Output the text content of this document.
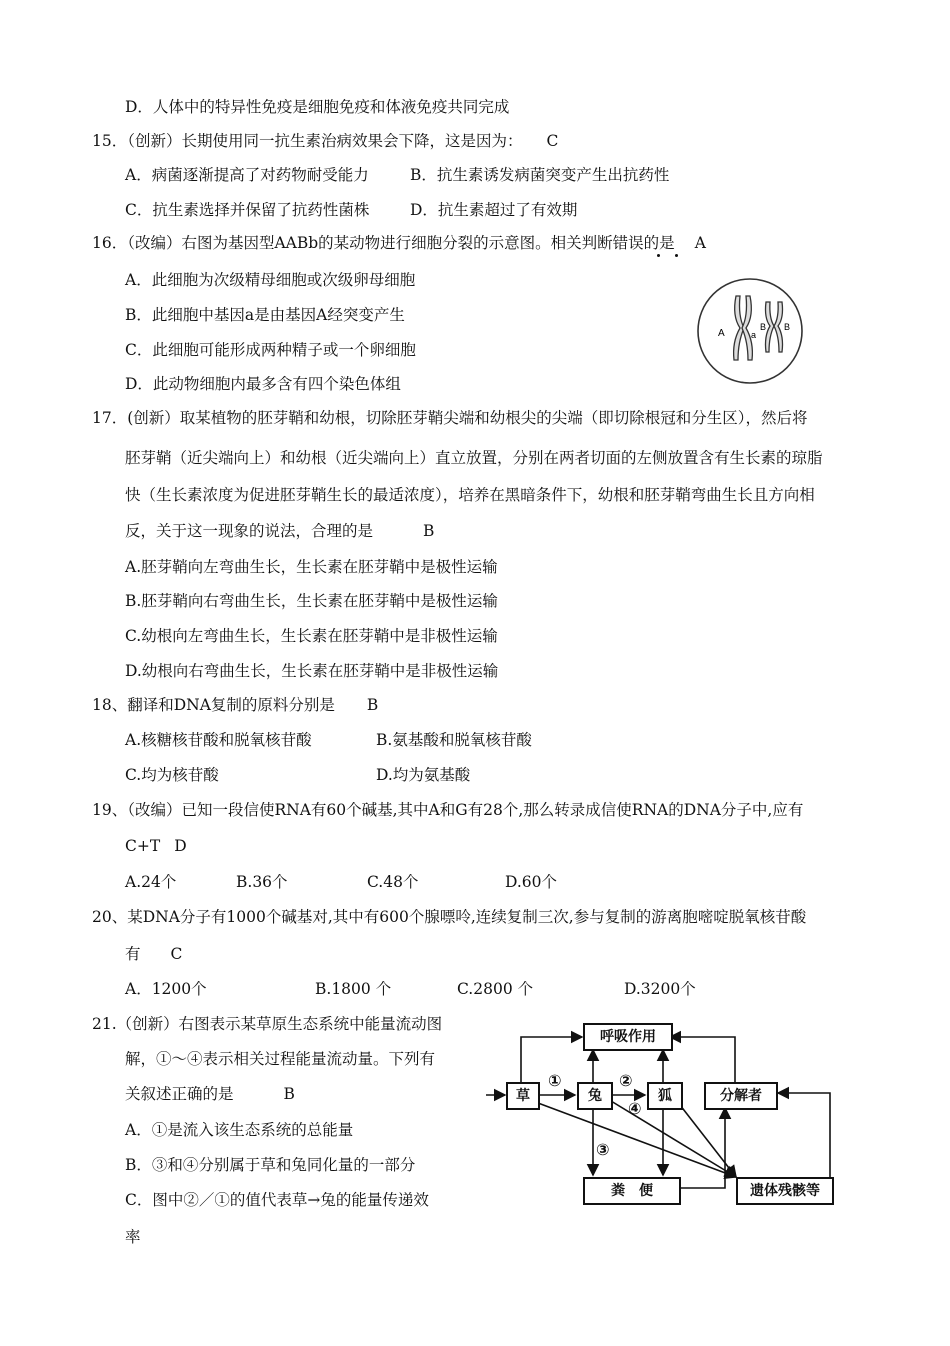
D．人体中的特异性免疫是细胞免疫和体液免疫共同完成
15．（创新）长期使用同一抗生素治病效果会下降，这是因为： C
A．病菌逐渐提高了对药物耐受能力	B．抗生素诱发病菌突变产生出抗药性
C．抗生素选择并保留了抗药性菌株	D．抗生素超过了有效期
16．（改编）右图为基因型AABb的某动物进行细胞分裂的示意图。相关判断错误的是 A
A．此细胞为次级精母细胞或次级卵母细胞
B．此细胞中基因a是由基因A经突变产生
C．此细胞可能形成两种精子或一个卵细胞
D．此动物细胞内最多含有四个染色体组
A	a
B B
17．(创新）取某植物的胚芽鞘和幼根，切除胚芽鞘尖端和幼根尖的尖端（即切除根冠和分生区），然后将
胚芽鞘（近尖端向上）和幼根（近尖端向上）直立放置，分别在两者切面的左侧放置含有生长素的琼脂
快（生长素浓度为促进胚芽鞘生长的最适浓度），培养在黑暗条件下，幼根和胚芽鞘弯曲生长且方向相
反，关于这一现象的说法，合理的是	B
A.胚芽鞘向左弯曲生长，生长素在胚芽鞘中是极性运输
B.胚芽鞘向右弯曲生长，生长素在胚芽鞘中是极性运输
C.幼根向左弯曲生长，生长素在胚芽鞘中是非极性运输
D.幼根向右弯曲生长，生长素在胚芽鞘中是非极性运输
18、翻译和DNA复制的原料分别是 B
A.核糖核苷酸和脱氧核苷酸	B.氨基酸和脱氧核苷酸
C.均为核苷酸	D.均为氨基酸
19、（改编）已知一段信使RNA有60个碱基,其中A和G有28个,那么转录成信使RNA的DNA分子中,应有
C+T D
A.24个	B.36个	C.48个	D.60个
20、某DNA分子有1000个碱基对,其中有600个腺嘌呤,连续复制三次,参与复制的游离胞嘧啶脱氧核苷酸
有 C
A．1200个	B.1800 个	C.2800 个	D.3200个
21.（创新）右图表示某草原生态系统中能量流动图
解，①～④表示相关过程能量流动量。下列有
关叙述正确的是	B
A．①是流入该生态系统的总能量
B．③和④分别属于草和兔同化量的一部分
C．图中②／①的值代表草→兔的能量传递效
率
呼吸作用
草	兔	狐	分解者
粪　便	遗体残骸等
①	②
③
④
